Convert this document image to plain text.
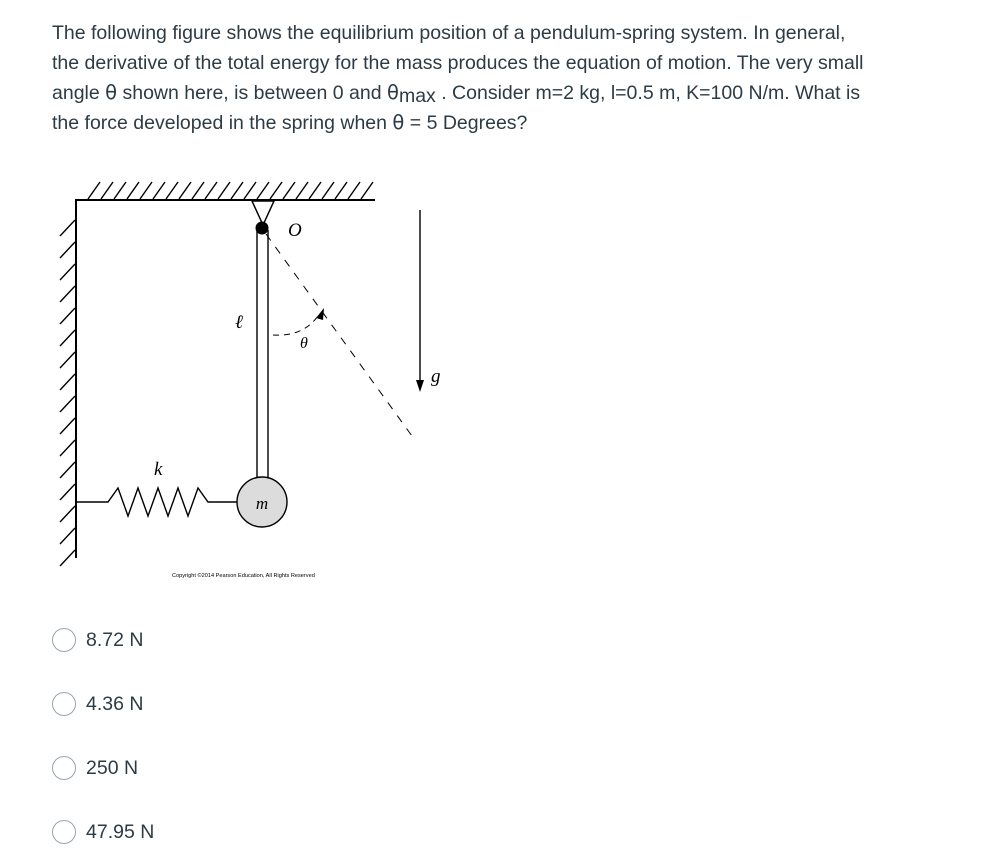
The following figure shows the equilibrium position of a pendulum-spring system. In general, the derivative of the total energy for the mass produces the equation of motion. The very small angle θ shown here, is between 0 and θmax . Consider m=2 kg, l=0.5 m, K=100 N/m. What is the force developed in the spring when θ = 5 Degrees?

m
k
θ
ℓ
O
g
Copyright ©2014 Pearson Education, All Rights Reserved
8.72 N
4.36 N
250 N
47.95 N
